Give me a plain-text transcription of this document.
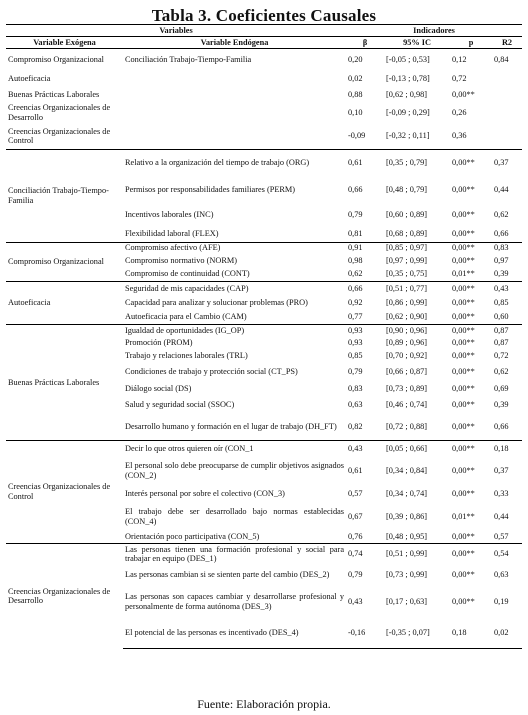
Tabla 3. Coeficientes Causales
Variables		Indicadores			
Variable Exógena	Variable Endógena	β	95% IC	p	R2
Compromiso Organizacional	Conciliación Trabajo-Tiempo-Familia	0,20	[-0,05 ; 0,53]	0,12	0,84
Autoeficacia		0,02	[-0,13 ; 0,78]	0,72	
Buenas Prácticas Laborales		0,88	[0,62 ; 0,98]	0,00**	
Creencias Organizacionales de Desarrollo		0,10	[-0,09 ; 0,29]	0,26	
Creencias Organizacionales de Control		-0,09	[-0,32 ; 0,11]	0,36	
Conciliación Trabajo-Tiempo-Familia	Relativo a la organización del tiempo de trabajo (ORG)	0,61	[0,35 ; 0,79]	0,00**	0,37
	Permisos por responsabilidades familiares (PERM)	0,66	[0,48 ; 0,79]	0,00**	0,44
	Incentivos laborales (INC)	0,79	[0,60 ; 0,89]	0,00**	0,62
	Flexibilidad laboral (FLEX)	0,81	[0,68 ; 0,89]	0,00**	0,66
Compromiso Organizacional	Compromiso afectivo (AFE)	0,91	[0,85 ; 0,97]	0,00**	0,83
	Compromiso normativo (NORM)	0,98	[0,97 ; 0,99]	0,00**	0,97
	Compromiso de continuidad (CONT)	0,62	[0,35 ; 0,75]	0,01**	0,39
Autoeficacia	Seguridad de mis capacidades (CAP)	0,66	[0,51 ; 0,77]	0,00**	0,43
	Capacidad para analizar y solucionar problemas (PRO)	0,92	[0,86 ; 0,99]	0,00**	0,85
	Autoeficacia para el Cambio (CAM)	0,77	[0,62 ; 0,90]	0,00**	0,60
Buenas Prácticas Laborales	Igualdad de oportunidades (IG_OP)	0,93	[0,90 ; 0,96]	0,00**	0,87
	Promoción (PROM)	0,93	[0,89 ; 0,96]	0,00**	0,87
	Trabajo y relaciones laborales (TRL)	0,85	[0,70 ; 0,92]	0,00**	0,72
	Condiciones de trabajo y protección social (CT_PS)	0,79	[0,66 ; 0,87]	0,00**	0,62
	Diálogo social (DS)	0,83	[0,73 ; 0,89]	0,00**	0,69
	Salud y seguridad social (SSOC)	0,63	[0,46 ; 0,74]	0,00**	0,39
	Desarrollo humano y formación en el lugar de trabajo (DH_FT)	0,82	[0,72 ; 0,88]	0,00**	0,66
Creencias Organizacionales de Control	Decir lo que otros quieren oír (CON_1	0,43	[0,05 ; 0,66]	0,00**	0,18
	El personal solo debe preocuparse de cumplir objetivos asignados (CON_2)	0,61	[0,34 ; 0,84]	0,00**	0,37
	Interés personal por sobre el colectivo (CON_3)	0,57	[0,34 ; 0,74]	0,00**	0,33
	El trabajo debe ser desarrollado bajo normas establecidas (CON_4)	0,67	[0,39 ; 0,86]	0,01**	0,44
	Orientación poco participativa (CON_5)	0,76	[0,48 ; 0,95]	0,00**	0,57
Creencias Organizacionales de Desarrollo	Las personas tienen una formación profesional y social para trabajar en equipo (DES_1)	0,74	[0,51 ; 0,99]	0,00**	0,54
	Las personas cambian si se sienten parte del cambio (DES_2)	0,79	[0,73 ; 0,99]	0,00**	0,63
	Las personas son capaces cambiar y desarrollarse profesional y personalmente de forma autónoma (DES_3)	0,43	[0,17 ; 0,63]	0,00**	0,19
	El potencial de las personas es incentivado (DES_4)	-0,16	[-0,35 ; 0,07]	0,18	0,02
Fuente: Elaboración propia.
